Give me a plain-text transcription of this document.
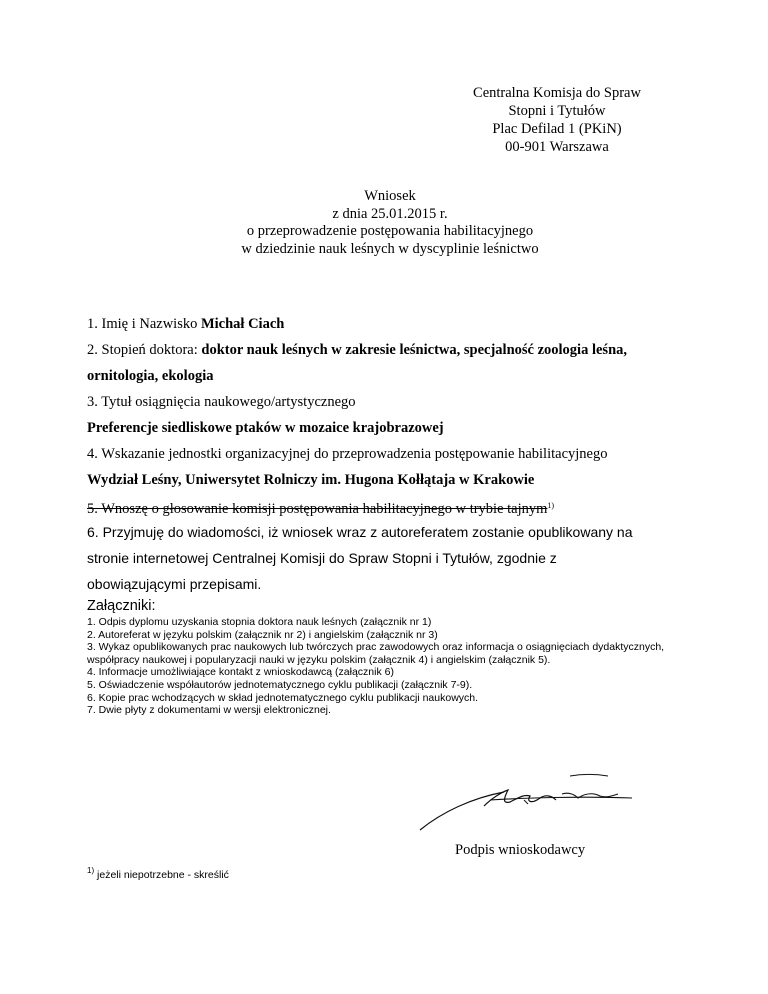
Centralna Komisja do Spraw
Stopni i Tytułów
Plac Defilad 1 (PKiN)
00-901 Warszawa
Wniosek
z dnia 25.01.2015 r.
o przeprowadzenie postępowania habilitacyjnego
w dziedzinie nauk leśnych w dyscyplinie leśnictwo
1. Imię i Nazwisko Michał Ciach
2. Stopień doktora: doktor nauk leśnych w zakresie leśnictwa, specjalność zoologia leśna,
ornitologia, ekologia
3. Tytuł osiągnięcia naukowego/artystycznego
Preferencje siedliskowe ptaków w mozaice krajobrazowej
4. Wskazanie jednostki organizacyjnej do przeprowadzenia postępowanie habilitacyjnego
Wydział Leśny, Uniwersytet Rolniczy im. Hugona Kołłątaja w Krakowie
5. Wnoszę o głosowanie komisji postępowania habilitacyjnego w trybie tajnym$^{1)}$
6. Przyjmuję do wiadomości, iż wniosek wraz z autoreferatem zostanie opublikowany na
stronie internetowej Centralnej Komisji do Spraw Stopni i Tytułów, zgodnie z
obowiązującymi przepisami.
Załączniki:
1. Odpis dyplomu uzyskania stopnia doktora nauk leśnych (załącznik nr 1)
2. Autoreferat w języku polskim (załącznik nr 2) i angielskim (załącznik nr 3)
3. Wykaz opublikowanych prac naukowych lub twórczych prac zawodowych oraz informacja o osiągnięciach dydaktycznych, współpracy naukowej i popularyzacji nauki w języku polskim (załącznik 4) i angielskim (załącznik 5).
4. Informacje umożliwiające kontakt z wnioskodawcą (załącznik 6)
5. Oświadczenie współautorów jednotematycznego cyklu publikacji (załącznik 7-9).
6. Kopie prac wchodzących w skład jednotematycznego cyklu publikacji naukowych.
7. Dwie płyty z dokumentami w wersji elektronicznej.
Podpis wnioskodawcy
$^{1)}$ jeżeli niepotrzebne - skreślić
